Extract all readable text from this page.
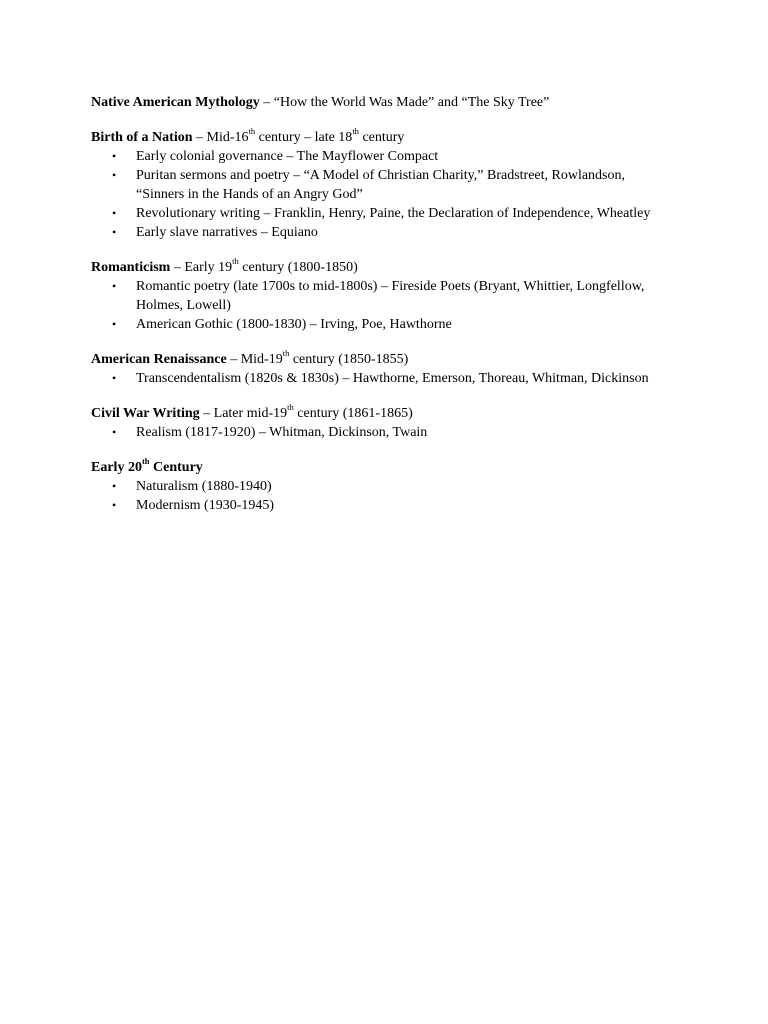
Native American Mythology – “How the World Was Made” and “The Sky Tree”

Birth of a Nation – Mid-16th century – late 18th century

• Early colonial governance – The Mayflower Compact
• Puritan sermons and poetry – “A Model of Christian Charity,” Bradstreet, Rowlandson, “Sinners in the Hands of an Angry God”
• Revolutionary writing – Franklin, Henry, Paine, the Declaration of Independence, Wheatley
• Early slave narratives – Equiano

Romanticism – Early 19th century (1800-1850)

• Romantic poetry (late 1700s to mid-1800s) – Fireside Poets (Bryant, Whittier, Longfellow, Holmes, Lowell)
• American Gothic (1800-1830) – Irving, Poe, Hawthorne

American Renaissance – Mid-19th century (1850-1855)

• Transcendentalism (1820s & 1830s) – Hawthorne, Emerson, Thoreau, Whitman, Dickinson

Civil War Writing – Later mid-19th century (1861-1865)

• Realism (1817-1920) – Whitman, Dickinson, Twain

Early 20th Century

• Naturalism (1880-1940)
• Modernism (1930-1945)
